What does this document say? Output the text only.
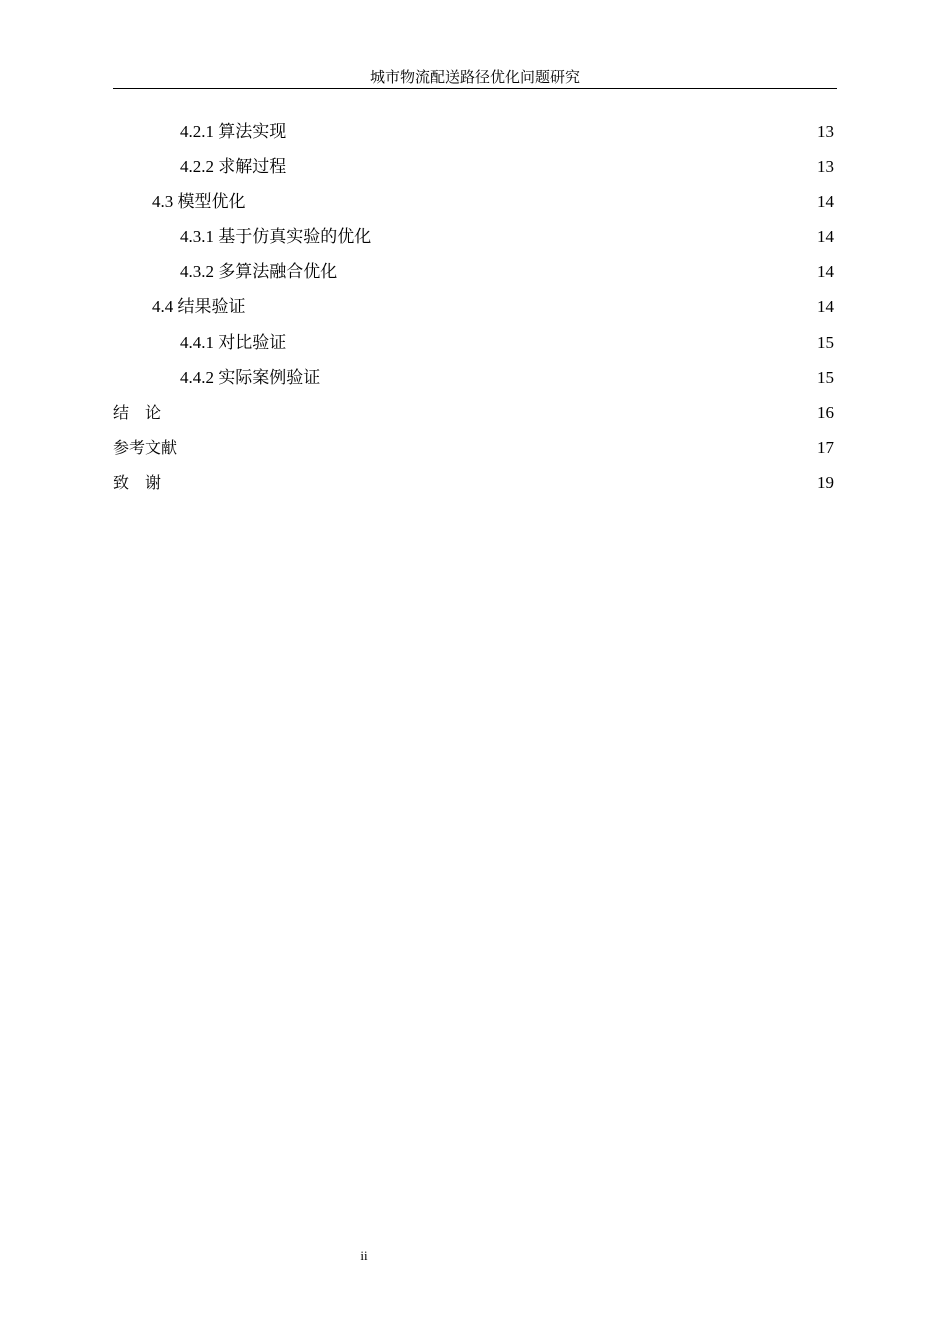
城市物流配送路径优化问题研究
4.2.1 算法实现	13
4.2.2 求解过程	13
4.3 模型优化	14
4.3.1 基于仿真实验的优化	14
4.3.2 多算法融合优化	14
4.4 结果验证	14
4.4.1 对比验证	15
4.4.2 实际案例验证	15
结　论	16
参考文献	17
致　谢	19
ii
